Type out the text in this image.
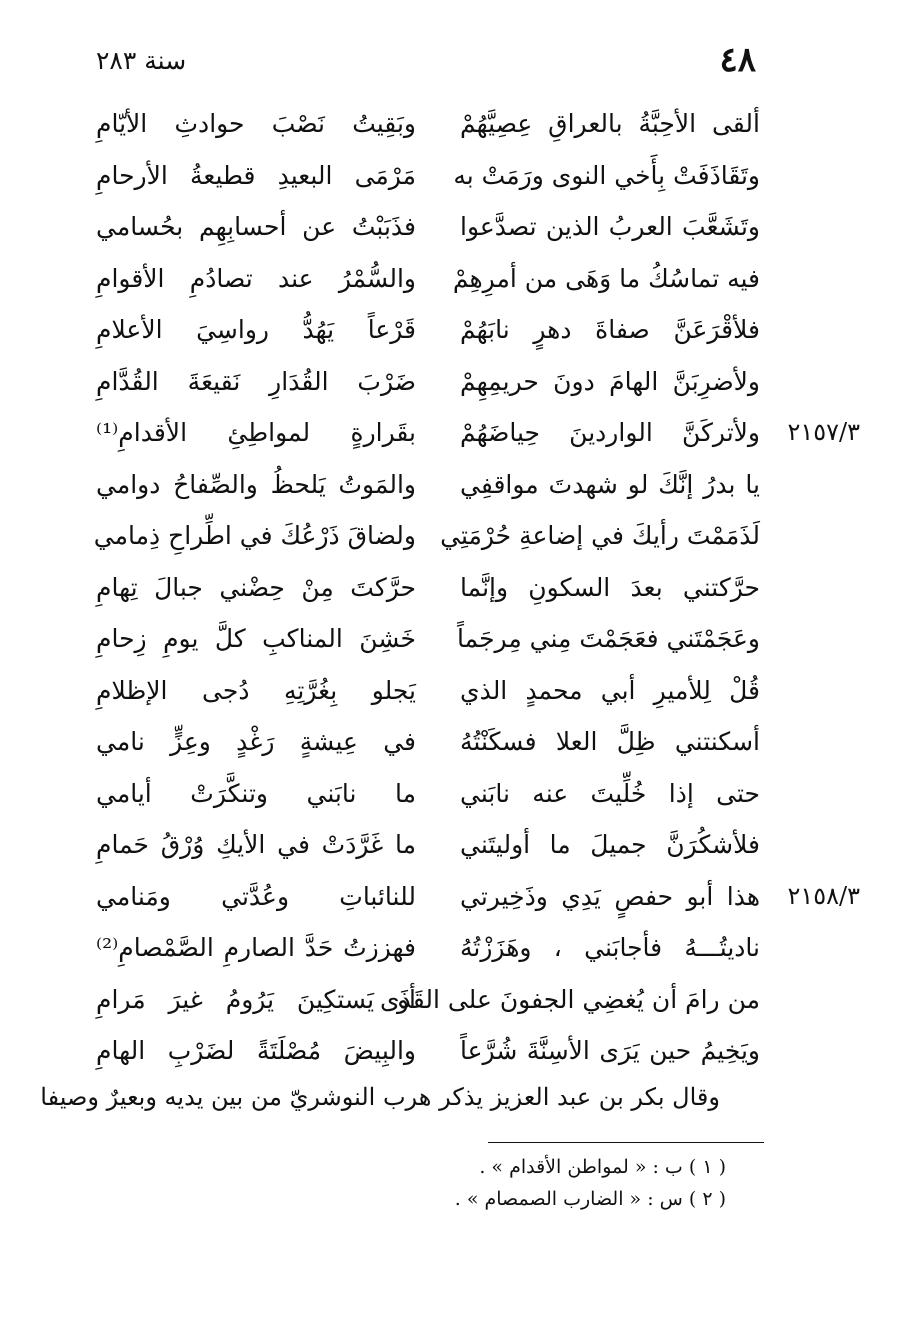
سنة ٢٨٣	٤٨
ألقى الأحِبَّةُ بالعراقِ عِصِيَّهُمْ
وبَقِيتُ نَصْبَ حوادثِ الأيّامِ
وتَقَاذَفَتْ بِأَخي النوى ورَمَتْ به
مَرْمَى البعيدِ قطيعةُ الأرحامِ
وتَشَعَّبَ العربُ الذين تصدَّعوا
فذَبَبْتُ عن أحسابِهِم بحُسامي
فيه تماسُكُ ما وَهَى من أمرِهِمْ
والسُّمْرُ عند تصادُمِ الأقوامِ
فلأقْرَعَنَّ صفاةَ دهرٍ نابَهُمْ
قَرْعاً يَهُدُّ رواسِيَ الأعلامِ
ولأضرِبَنَّ الهامَ دونَ حريمِهِمْ
ضَرْبَ القُدَارِ نَقيعَةَ القُدَّامِ
٢١٥٧/٣
ولأتركَنَّ الواردينَ حِياضَهُمْ
بقَرارةٍ لمواطِئِ الأقدامِ⁽¹⁾
يا بدرُ إنَّكَ لو شهدتَ مواقفِي
والمَوتُ يَلحظُ والصِّفاحُ دوامي
لَذَمَمْتَ رأيكَ في إضاعةِ حُرْمَتِي
ولضاقَ ذَرْعُكَ في اطِّراحِ ذِمامي
حرَّكتني بعدَ السكونِ وإنَّما
حرَّكتَ مِنْ حِضْني جبالَ تِهامِ
وعَجَمْتَني فعَجَمْتَ مِني مِرجَماً
خَشِنَ المناكبِ كلَّ يومِ زِحامِ
قُلْ لِلأميرِ أبي محمدٍ الذي
يَجلو بِغُرَّتِهِ دُجى الإظلامِ
أسكنتني ظِلَّ العلا فسكَنْتُهُ
في عِيشةٍ رَغْدٍ وعِزٍّ نامي
حتى إذا خُلِّيتَ عنه نابَني
ما نابَني وتنكَّرَتْ أيامي
فلأشكُرَنَّ جميلَ ما أوليتَني
ما غَرَّدَتْ في الأيكِ وُرْقُ حَمامِ
٢١٥٨/٣
هذا أبو حفصٍ يَدِي وذَخِيرتي
للنائباتِ وعُدَّتي ومَنامي
ناديتُـــهُ فأجابَني ، وهَزَزْتُهُ
فهززتُ حَدَّ الصارمِ الصَّمْصامِ⁽²⁾
من رامَ أن يُغضِي الجفونَ على القَذَى
أو يَستكِينَ يَرُومُ غيرَ مَرامِ
ويَخِيمُ حين يَرَى الأسِنَّةَ شُرَّعاً
والبِيضَ مُصْلَتَةً لضَرْبِ الهامِ
وقال بكر بن عبد العزيز يذكر هرب النوشريّ من بين يديه وبعيرٌ وصيفا
( ١ ) ب : « لمواطن الأقدام » .
( ٢ ) س : « الضارب الصمصام » .
